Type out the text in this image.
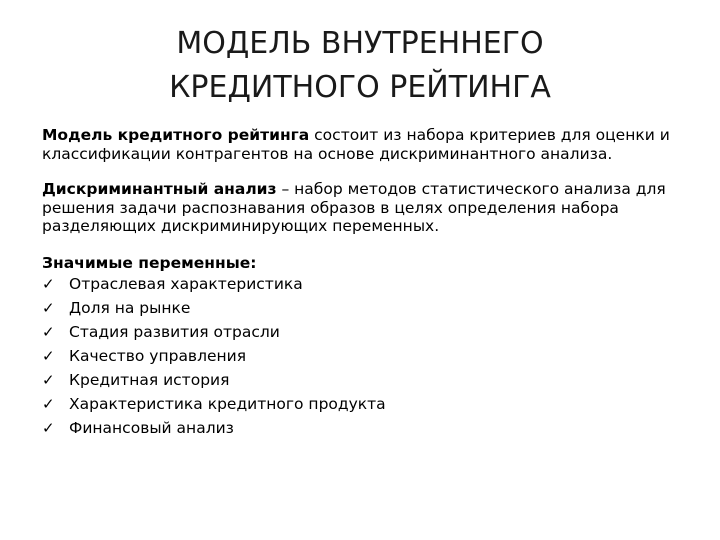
МОДЕЛЬ ВНУТРЕННЕГО
КРЕДИТНОГО РЕЙТИНГА

Модель кредитного рейтинга состоит из набора критериев для оценки и классификации контрагентов на основе дискриминантного анализа.

Дискриминантный анализ – набор методов статистического анализа для решения задачи распознавания образов в целях определения набора разделяющих дискриминирующих переменных.

Значимые переменные:

✓ Отраслевая характеристика
✓ Доля на рынке
✓ Стадия развития отрасли
✓ Качество управления
✓ Кредитная история
✓ Характеристика кредитного продукта
✓ Финансовый анализ
